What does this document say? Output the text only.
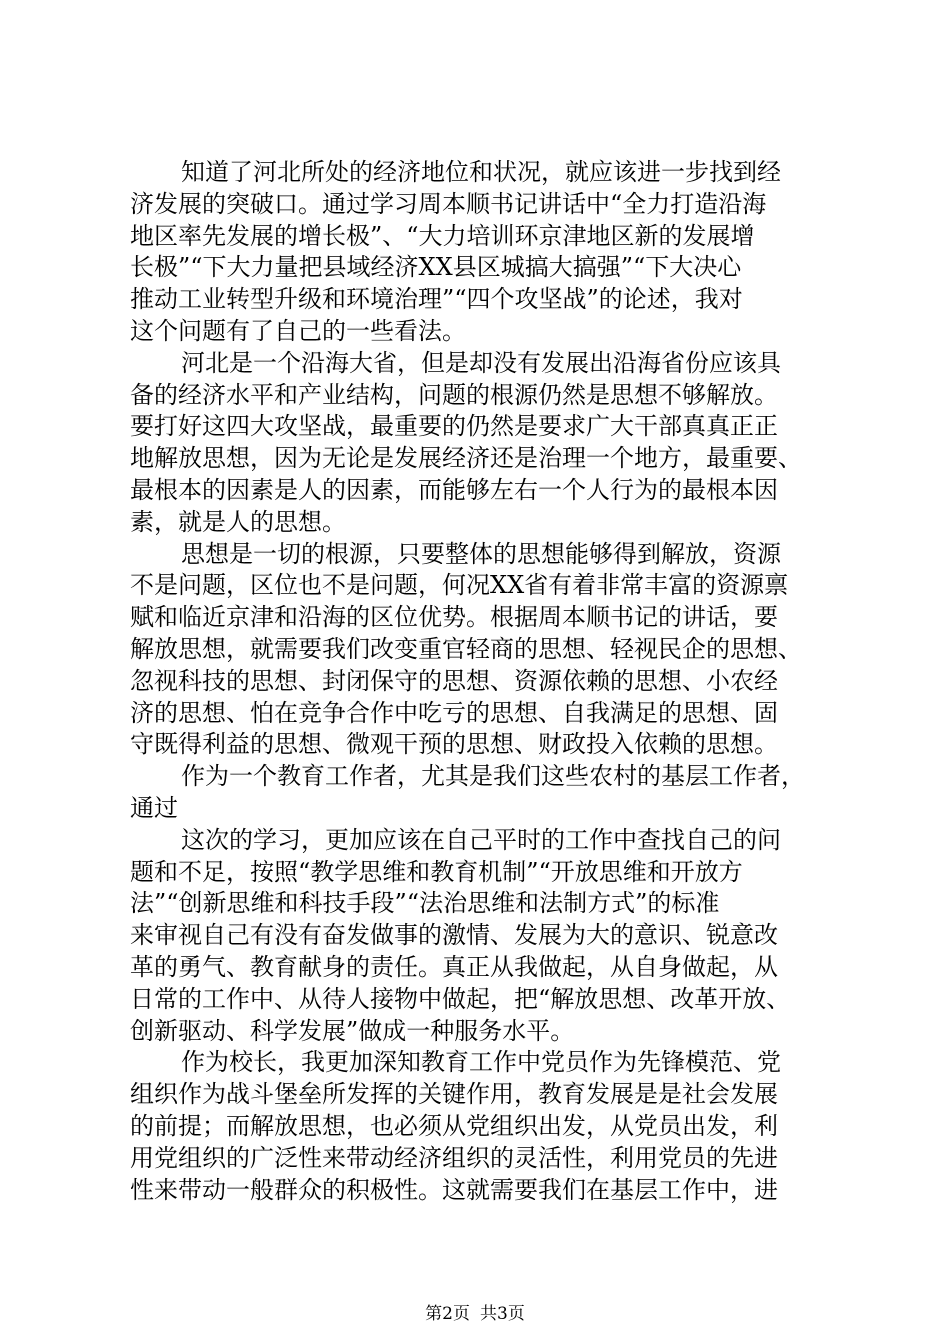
知道了河北所处的经济地位和状况，就应该进一步找到经
济发展的突破口。通过学习周本顺书记讲话中“全力打造沿海
地区率先发展的增长极”、“大力培训环京津地区新的发展增
长极”“下大力量把县域经济XX县区城搞大搞强”“下大决心
推动工业转型升级和环境治理”“四个攻坚战”的论述，我对
这个问题有了自己的一些看法。
河北是一个沿海大省，但是却没有发展出沿海省份应该具
备的经济水平和产业结构，问题的根源仍然是思想不够解放。
要打好这四大攻坚战，最重要的仍然是要求广大干部真真正正
地解放思想，因为无论是发展经济还是治理一个地方，最重要、
最根本的因素是人的因素，而能够左右一个人行为的最根本因
素，就是人的思想。
思想是一切的根源，只要整体的思想能够得到解放，资源
不是问题，区位也不是问题，何况XX省有着非常丰富的资源禀
赋和临近京津和沿海的区位优势。根据周本顺书记的讲话，要
解放思想，就需要我们改变重官轻商的思想、轻视民企的思想、
忽视科技的思想、封闭保守的思想、资源依赖的思想、小农经
济的思想、怕在竞争合作中吃亏的思想、自我满足的思想、固
守既得利益的思想、微观干预的思想、财政投入依赖的思想。
作为一个教育工作者，尤其是我们这些农村的基层工作者，
通过
这次的学习，更加应该在自己平时的工作中查找自己的问
题和不足，按照“教学思维和教育机制”“开放思维和开放方
法”“创新思维和科技手段”“法治思维和法制方式”的标准
来审视自己有没有奋发做事的激情、发展为大的意识、锐意改
革的勇气、教育献身的责任。真正从我做起，从自身做起，从
日常的工作中、从待人接物中做起，把“解放思想、改革开放、
创新驱动、科学发展”做成一种服务水平。
作为校长，我更加深知教育工作中党员作为先锋模范、党
组织作为战斗堡垒所发挥的关键作用，教育发展是是社会发展
的前提；而解放思想，也必须从党组织出发，从党员出发，利
用党组织的广泛性来带动经济组织的灵活性，利用党员的先进
性来带动一般群众的积极性。这就需要我们在基层工作中，进
第2页 共3页
